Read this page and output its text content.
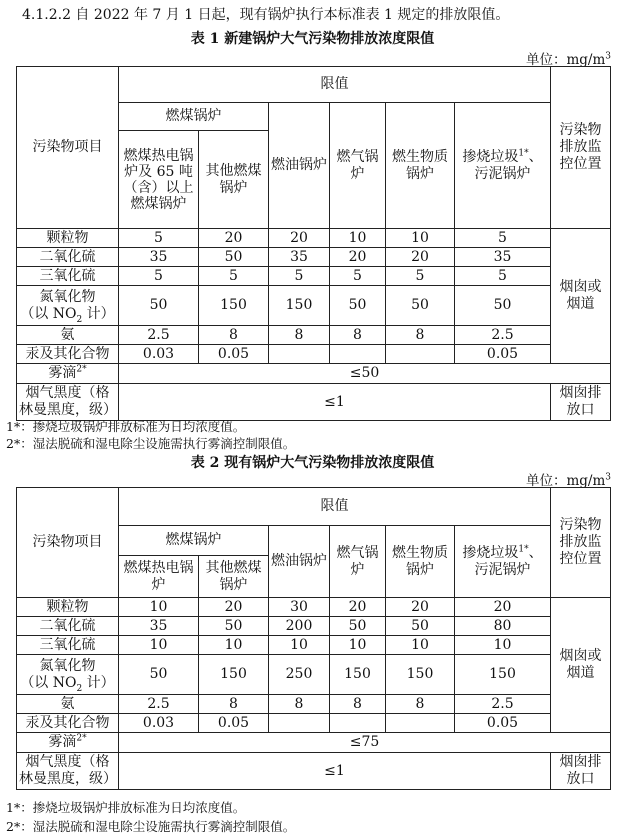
4.1.2.2 自 2022 年 7 月 1 日起，现有锅炉执行本标准表 1 规定的排放限值。
表 1 新建锅炉大气污染物排放浓度限值
单位：$mg/m^3$
污染物项目	限值						污染物排放监控位置
	燃煤锅炉		燃油锅炉	燃气锅炉	燃生物质锅炉	掺烧垃圾$^{1*}$、污泥锅炉	
	燃煤热电锅炉及 65 吨（含）以上燃煤锅炉	其他燃煤锅炉					
颗粒物	5	20	20	10	10	5	烟囱或烟道
二氧化硫	35	50	35	20	20	35	
三氧化硫	5	5	5	5	5	5	
氮氧化物
（以 $NO_2$ 计）	50	150	150	50	50	50	
氨	2.5	8	8	8	8	2.5	
汞及其化合物	0.03	0.05				0.05	
雾滴$^{2*}$	≤50						
烟气黑度（格林曼黑度，级）	≤1						烟囱排放口
1*：掺烧垃圾锅炉排放标准为日均浓度值。
2*：湿法脱硫和湿电除尘设施需执行雾滴控制限值。
表 2 现有锅炉大气污染物排放浓度限值
单位：$mg/m^3$
污染物项目	限值						污染物排放监控位置
	燃煤锅炉		燃油锅炉	燃气锅炉	燃生物质锅炉	掺烧垃圾$^{1*}$、污泥锅炉	
	燃煤热电锅炉	其他燃煤锅炉					
颗粒物	10	20	30	20	20	20	烟囱或烟道
二氧化硫	35	50	200	50	50	80	
三氧化硫	10	10	10	10	10	10	
氮氧化物
（以 $NO_2$ 计）	50	150	250	150	150	150	
氨	2.5	8	8	8	8	2.5	
汞及其化合物	0.03	0.05				0.05	
雾滴$^{2*}$	≤75						
烟气黑度（格林曼黑度，级）	≤1						烟囱排放口
1*：掺烧垃圾锅炉排放标准为日均浓度值。
2*：湿法脱硫和湿电除尘设施需执行雾滴控制限值。
